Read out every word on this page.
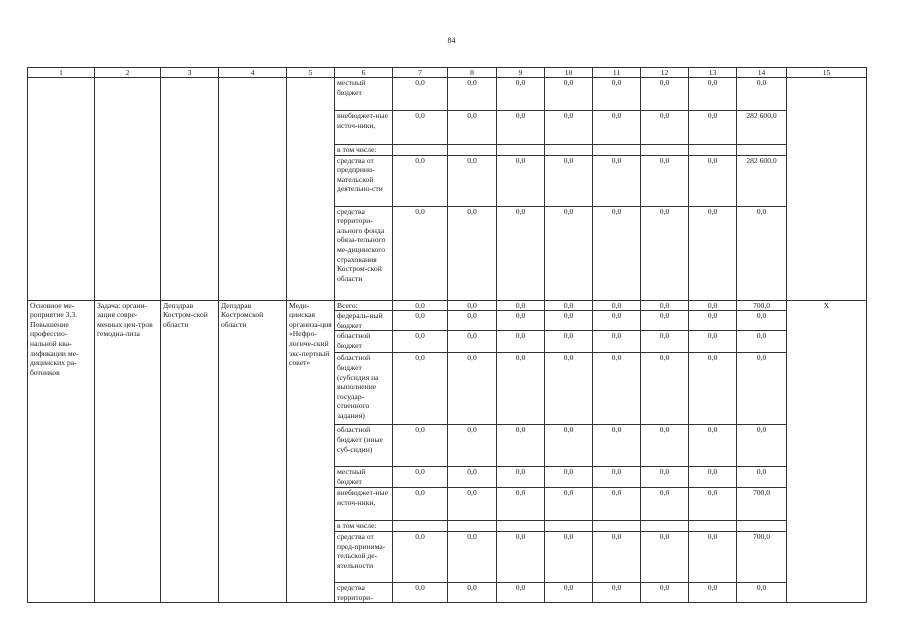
84
1	2	3	4	5	6	7	8	9	10	11	12	13	14	15
					местный бюджет	0,0	0,0	0,0	0,0	0,0	0,0	0,0	0,0	
					внебюджет-ные источ-ники,	0,0	0,0	0,0	0,0	0,0	0,0	0,0	282 600,0	
					в том числе:									
					средства от предприни-мательской деятельно-сти	0,0	0,0	0,0	0,0	0,0	0,0	0,0	282 600,0	
					средства территори-ального фонда обяза-тельного ме-дицинского страхования Костром-ской области	0,0	0,0	0,0	0,0	0,0	0,0	0,0	0,0	
Основное ме-роприятие 3.3. Повышение профессио-нальной ква-лификации ме-дицинских ра-ботников	Задача: органи-зация совре-менных цен-тров гемодиа-лиза	Депздрав Костром-ской области	Депздрав Костромской области	Меди-цинская организа-ция «Нефро-логиче-ский экс-пертный совет»	Всего:	0,0	0,0	0,0	0,0	0,0	0,0	0,0	700,0	Х
					федераль-ный бюджет	0,0	0,0	0,0	0,0	0,0	0,0	0,0	0,0	
					областной бюджет	0,0	0,0	0,0	0,0	0,0	0,0	0,0	0,0	
					областной бюджет (субсидия на выполнение государ-ственного задания)	0,0	0,0	0,0	0,0	0,0	0,0	0,0	0,0	
					областной бюджет (иные суб-сидии)	0,0	0,0	0,0	0,0	0,0	0,0	0,0	0,0	
					местный бюджет	0,0	0,0	0,0	0,0	0,0	0,0	0,0	0,0	
					внебюджет-ные источ-ники,	0,0	0,0	0,0	0,0	0,0	0,0	0,0	700,0	
					в том числе:									
					средства от пред-принима-тельской де-ятельности	0,0	0,0	0,0	0,0	0,0	0,0	0,0	700,0	
					средства территори-	0,0	0,0	0,0	0,0	0,0	0,0	0,0	0,0	
